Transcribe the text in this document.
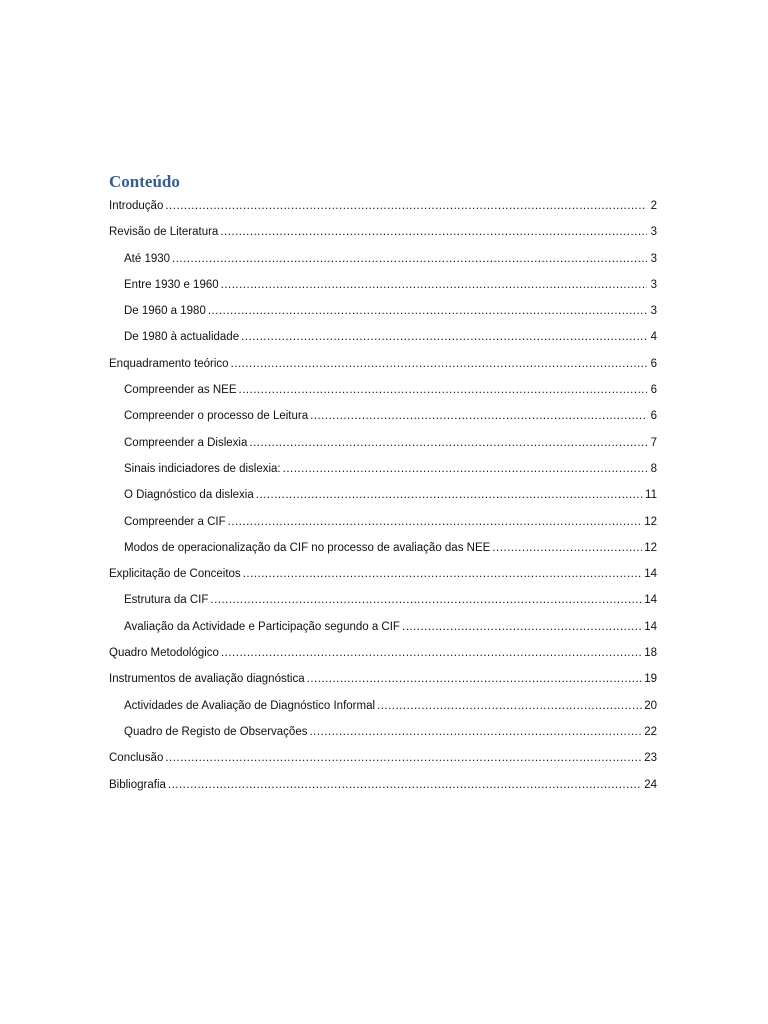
Conteúdo
Introdução .....	2
Revisão de Literatura .....	3
Até 1930 .....	3
Entre 1930 e 1960 .....	3
De 1960 a 1980 .....	3
De 1980 à actualidade .....	4
Enquadramento teórico .....	6
Compreender as NEE .....	6
Compreender o processo de Leitura .....	6
Compreender a Dislexia .....	7
Sinais indiciadores de dislexia: .....	8
O Diagnóstico da dislexia .....	11
Compreender a CIF .....	12
Modos de operacionalização da CIF no processo de avaliação das NEE .....	12
Explicitação de Conceitos .....	14
Estrutura da CIF .....	14
Avaliação da Actividade e Participação segundo a CIF .....	14
Quadro Metodológico .....	18
Instrumentos de avaliação diagnóstica .....	19
Actividades de Avaliação de Diagnóstico Informal .....	20
Quadro de Registo de Observações .....	22
Conclusão .....	23
Bibliografia .....	24
